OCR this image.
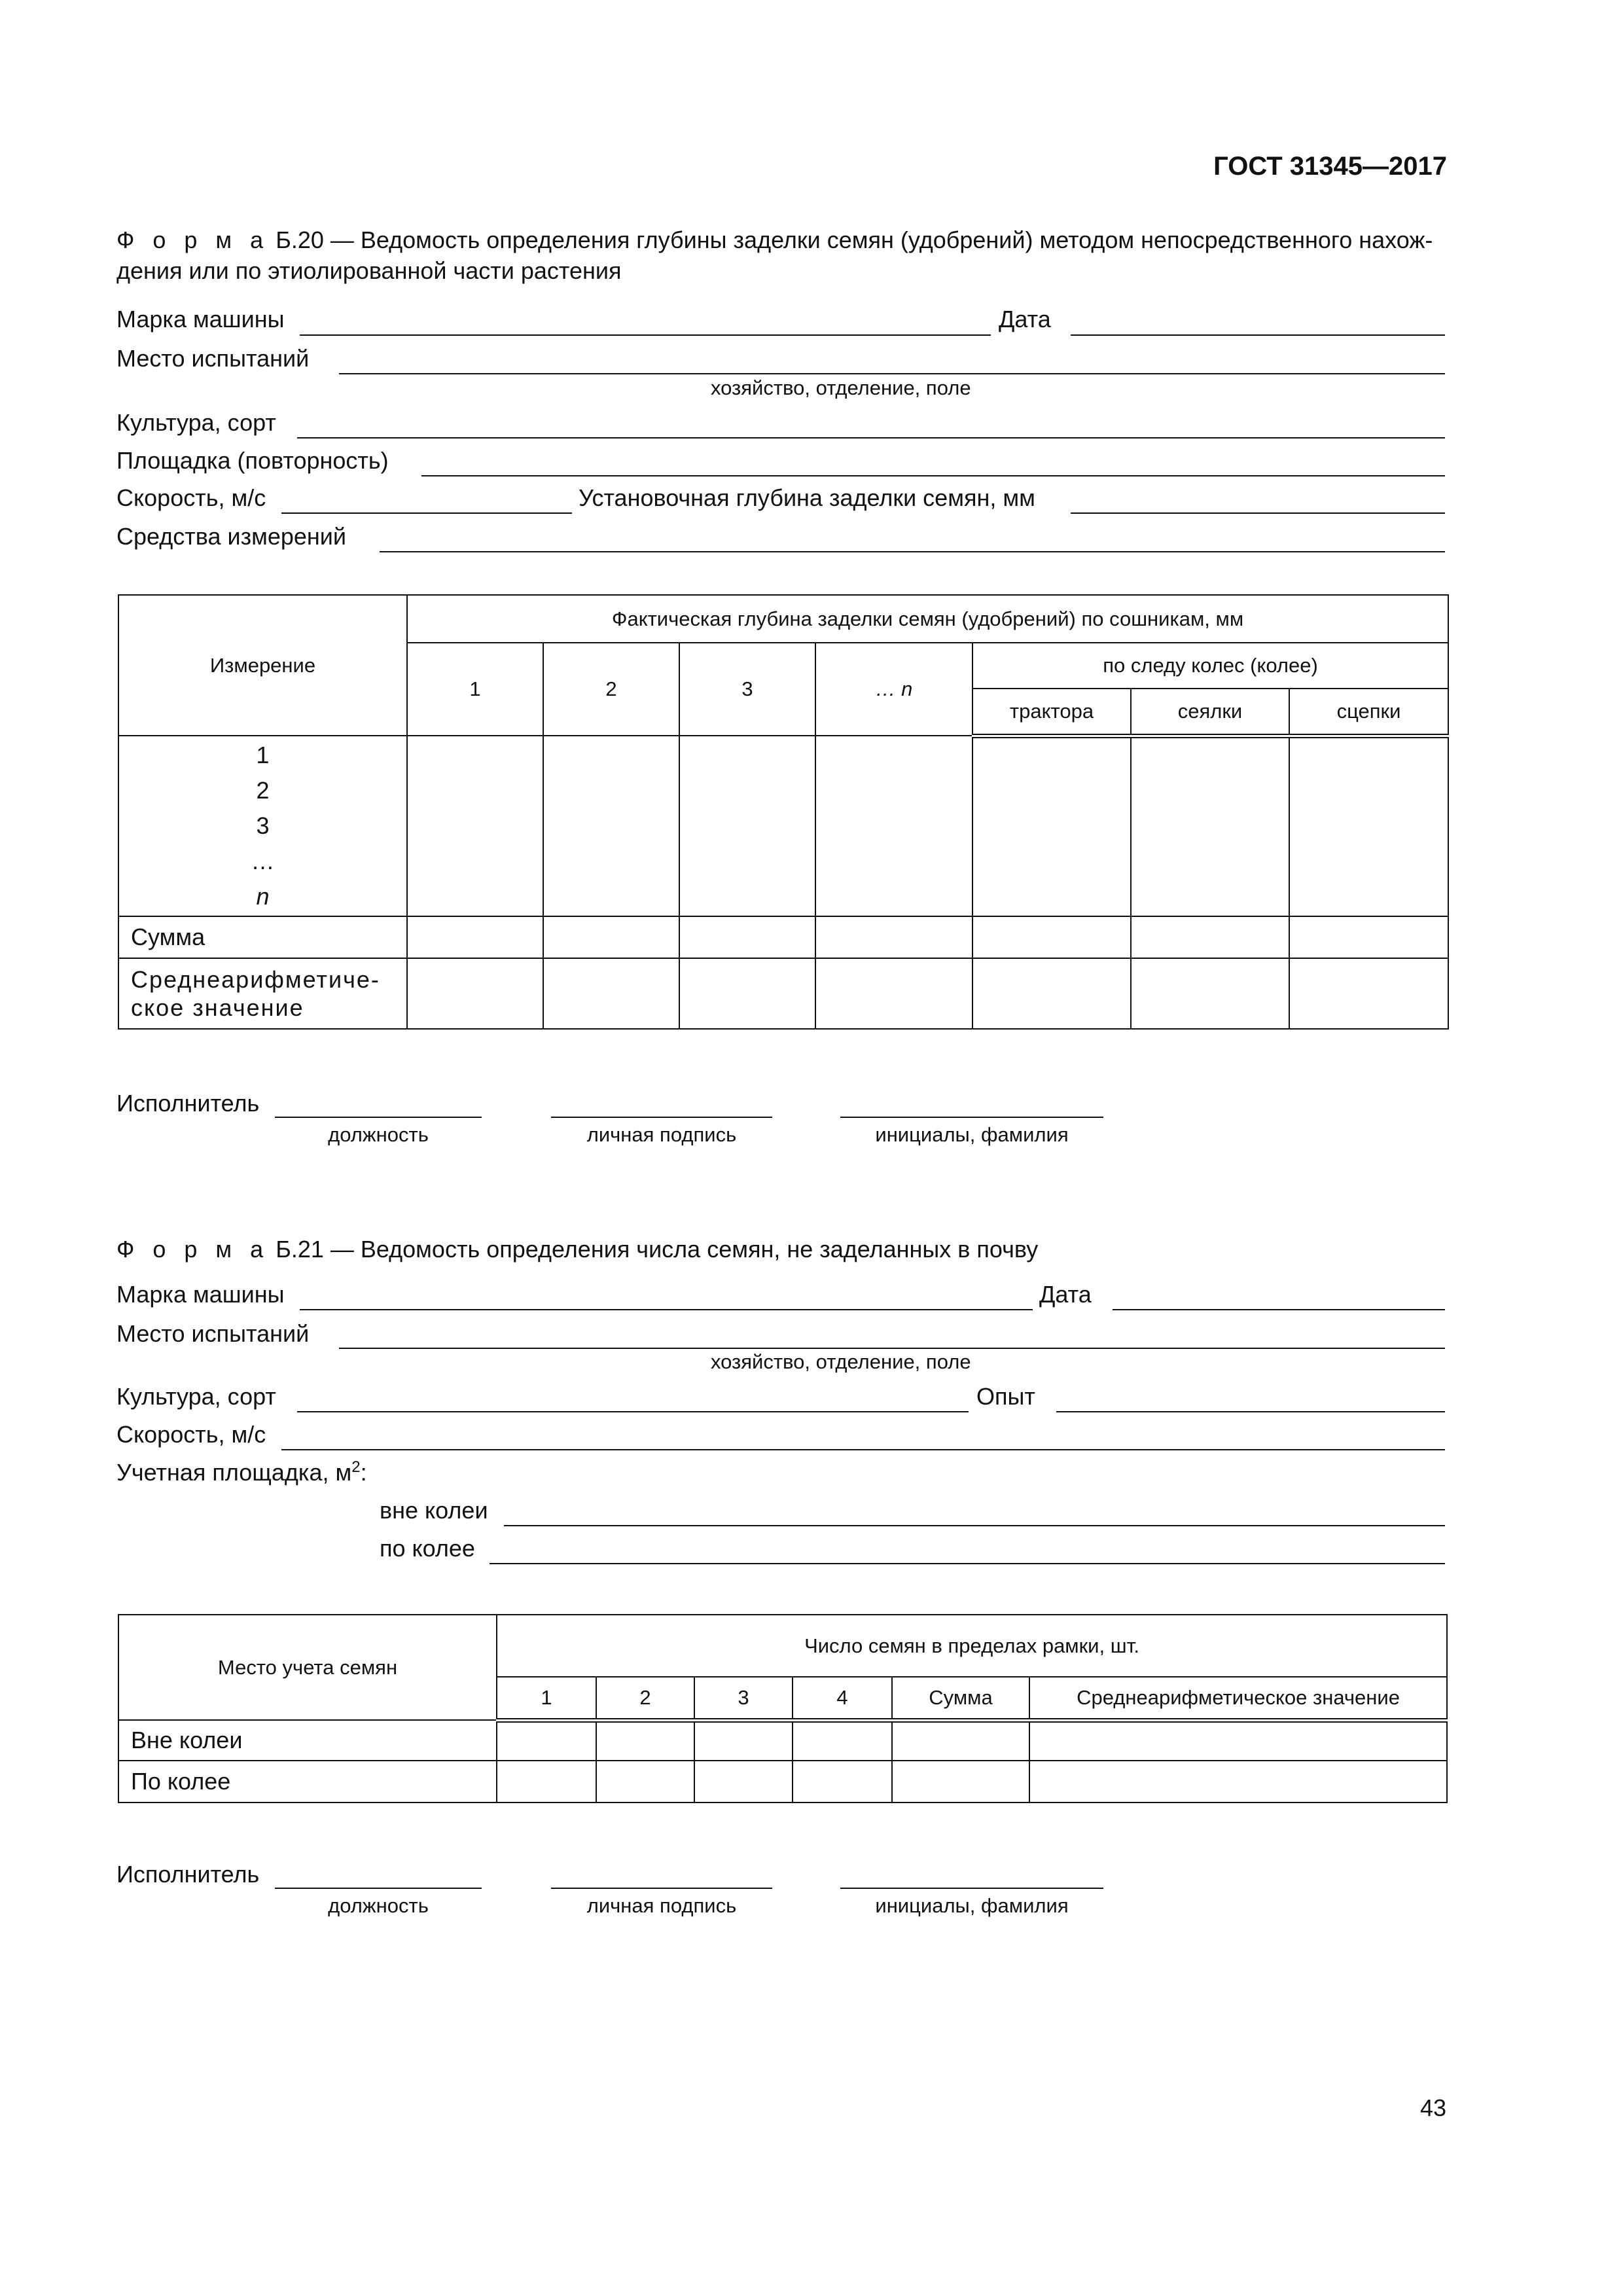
ГОСТ 31345—2017
Ф о р м а Б.20 — Ведомость определения глубины заделки семян (удобрений) методом непосредственного нахож-
дения или по этиолированной части растения
Марка машины	Дата
Место испытаний
хозяйство, отделение, поле
Культура, сорт
Площадка (повторность)
Скорость, м/с	Установочная глубина заделки семян, мм
Средства измерений
Измерение	Фактическая глубина заделки семян (удобрений) по сошникам, мм						
	1	2	3	… n	по следу колес (колее)		
					трактора	сеялки	сцепки

1
2
3
…
n							

Сумма							
Среднеарифметиче-
ское значение							
Исполнитель
должность	личная подпись	инициалы, фамилия
Ф о р м а Б.21 — Ведомость определения числа семян, не заделанных в почву
Марка машины	Дата
Место испытаний
хозяйство, отделение, поле
Культура, сорт	Опыт
Скорость, м/с
Учетная площадка, $м^2$:
вне колеи
по колее
Место учета семян	Число семян в пределах рамки, шт.					
	1	2	3	4	Сумма	Среднеарифметическое значение
Вне колеи						
По колее						
Исполнитель
должность	личная подпись	инициалы, фамилия
43
